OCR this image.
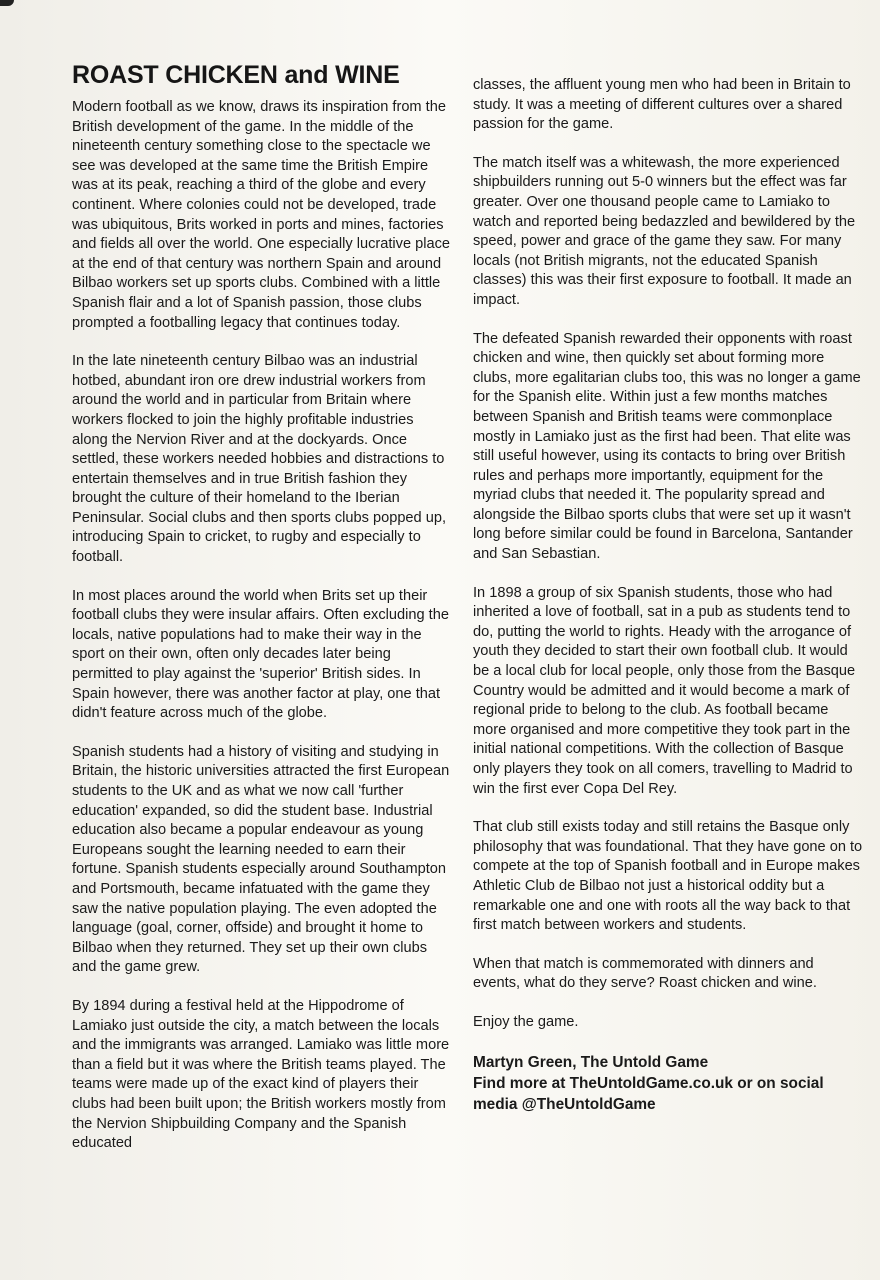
ROAST CHICKEN and WINE

Modern football as we know, draws its inspiration from the British development of the game. In the middle of the nineteenth century something close to the spectacle we see was developed at the same time the British Empire was at its peak, reaching a third of the globe and every continent. Where colonies could not be developed, trade was ubiquitous, Brits worked in ports and mines, factories and fields all over the world. One especially lucrative place at the end of that century was northern Spain and around Bilbao workers set up sports clubs. Combined with a little Spanish flair and a lot of Spanish passion, those clubs prompted a footballing legacy that continues today.

In the late nineteenth century Bilbao was an industrial hotbed, abundant iron ore drew industrial workers from around the world and in particular from Britain where workers flocked to join the highly profitable industries along the Nervion River and at the dockyards. Once settled, these workers needed hobbies and distractions to entertain themselves and in true British fashion they brought the culture of their homeland to the Iberian Peninsular. Social clubs and then sports clubs popped up, introducing Spain to cricket, to rugby and especially to football.

In most places around the world when Brits set up their football clubs they were insular affairs. Often excluding the locals, native populations had to make their way in the sport on their own, often only decades later being permitted to play against the 'superior' British sides. In Spain however, there was another factor at play, one that didn't feature across much of the globe.

Spanish students had a history of visiting and studying in Britain, the historic universities attracted the first European students to the UK and as what we now call 'further education' expanded, so did the student base. Industrial education also became a popular endeavour as young Europeans sought the learning needed to earn their fortune. Spanish students especially around Southampton and Portsmouth, became infatuated with the game they saw the native population playing. The even adopted the language (goal, corner, offside) and brought it home to Bilbao when they returned. They set up their own clubs and the game grew.

By 1894 during a festival held at the Hippodrome of Lamiako just outside the city, a match between the locals and the immigrants was arranged. Lamiako was little more than a field but it was where the British teams played. The teams were made up of the exact kind of players their clubs had been built upon; the British workers mostly from the Nervion Shipbuilding Company and the Spanish educated

classes, the affluent young men who had been in Britain to study. It was a meeting of different cultures over a shared passion for the game.

The match itself was a whitewash, the more experienced shipbuilders running out 5-0 winners but the effect was far greater. Over one thousand people came to Lamiako to watch and reported being bedazzled and bewildered by the speed, power and grace of the game they saw. For many locals (not British migrants, not the educated Spanish classes) this was their first exposure to football. It made an impact.

The defeated Spanish rewarded their opponents with roast chicken and wine, then quickly set about forming more clubs, more egalitarian clubs too, this was no longer a game for the Spanish elite. Within just a few months matches between Spanish and British teams were commonplace mostly in Lamiako just as the first had been. That elite was still useful however, using its contacts to bring over British rules and perhaps more importantly, equipment for the myriad clubs that needed it. The popularity spread and alongside the Bilbao sports clubs that were set up it wasn't long before similar could be found in Barcelona, Santander and San Sebastian.

In 1898 a group of six Spanish students, those who had inherited a love of football, sat in a pub as students tend to do, putting the world to rights. Heady with the arrogance of youth they decided to start their own football club. It would be a local club for local people, only those from the Basque Country would be admitted and it would become a mark of regional pride to belong to the club. As football became more organised and more competitive they took part in the initial national competitions. With the collection of Basque only players they took on all comers, travelling to Madrid to win the first ever Copa Del Rey.

That club still exists today and still retains the Basque only philosophy that was foundational. That they have gone on to compete at the top of Spanish football and in Europe makes Athletic Club de Bilbao not just a historical oddity but a remarkable one and one with roots all the way back to that first match between workers and students.

When that match is commemorated with dinners and events, what do they serve? Roast chicken and wine.

Enjoy the game.

Martyn Green, The Untold Game

Find more at TheUntoldGame.co.uk or on social media @TheUntoldGame
